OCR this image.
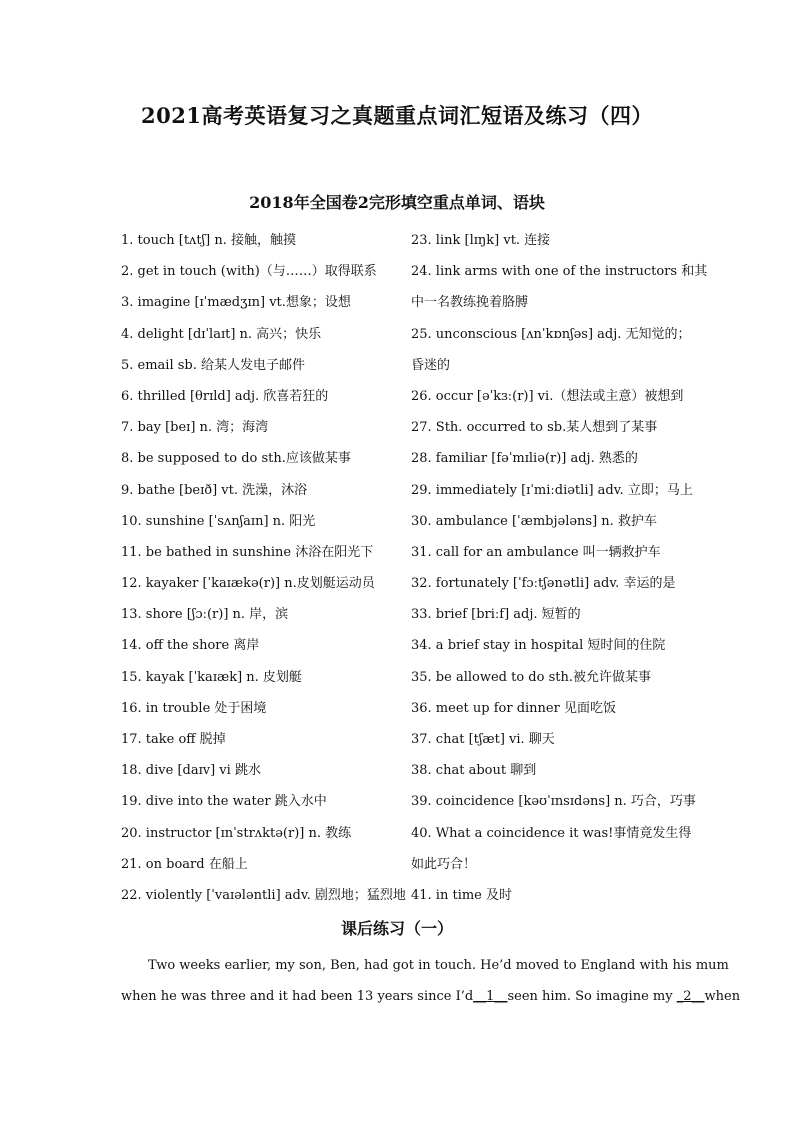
2021高考英语复习之真题重点词汇短语及练习（四）
2018年全国卷2完形填空重点单词、语块
1. touch [tʌtʃ] n. 接触，触摸
2. get in touch (with)（与……）取得联系
3. imagine [ɪˈmædʒɪn] vt.想象；设想
4. delight [dɪˈlaɪt] n. 高兴；快乐
5. email sb. 给某人发电子邮件
6. thrilled [θrɪld] adj. 欣喜若狂的
7. bay [beɪ] n. 湾；海湾
8. be supposed to do sth.应该做某事
9. bathe [beɪð] vt. 洗澡，沐浴
10. sunshine [ˈsʌnʃaɪn] n. 阳光
11. be bathed in sunshine 沐浴在阳光下
12. kayaker [ˈkaɪækə(r)] n.皮划艇运动员
13. shore [ʃɔː(r)] n. 岸，滨
14. off the shore 离岸
15. kayak [ˈkaɪæk] n. 皮划艇
16. in trouble 处于困境
17. take off 脱掉
18. dive [daɪv] vi 跳水
19. dive into the water 跳入水中
20. instructor [ɪnˈstrʌktə(r)] n. 教练
21. on board 在船上
22. violently [ˈvaɪələntli] adv. 剧烈地；猛烈地
23. link [lɪŋk] vt. 连接
24. link arms with one of the instructors 和其
中一名教练挽着胳膊
25. unconscious [ʌnˈkɒnʃəs] adj. 无知觉的；
昏迷的
26. occur [əˈkɜː(r)] vi.（想法或主意）被想到
27. Sth. occurred to sb.某人想到了某事
28. familiar [fəˈmɪliə(r)] adj. 熟悉的
29. immediately [ɪˈmiːdiətli] adv. 立即；马上
30. ambulance [ˈæmbjələns] n. 救护车
31. call for an ambulance 叫一辆救护车
32. fortunately [ˈfɔːtʃənətli] adv. 幸运的是
33. brief [briːf] adj. 短暂的
34. a brief stay in hospital 短时间的住院
35. be allowed to do sth.被允许做某事
36. meet up for dinner 见面吃饭
37. chat [tʃæt] vi. 聊天
38. chat about 聊到
39. coincidence [kəʊˈɪnsɪdəns] n. 巧合，巧事
40. What a coincidence it was!事情竟发生得
如此巧合！
41. in time 及时
课后练习（一）
Two weeks earlier, my son, Ben, had got in touch. He’d moved to England with his mum
when he was three and it had been 13 years since I’d__1__seen him. So imagine my _2__when
